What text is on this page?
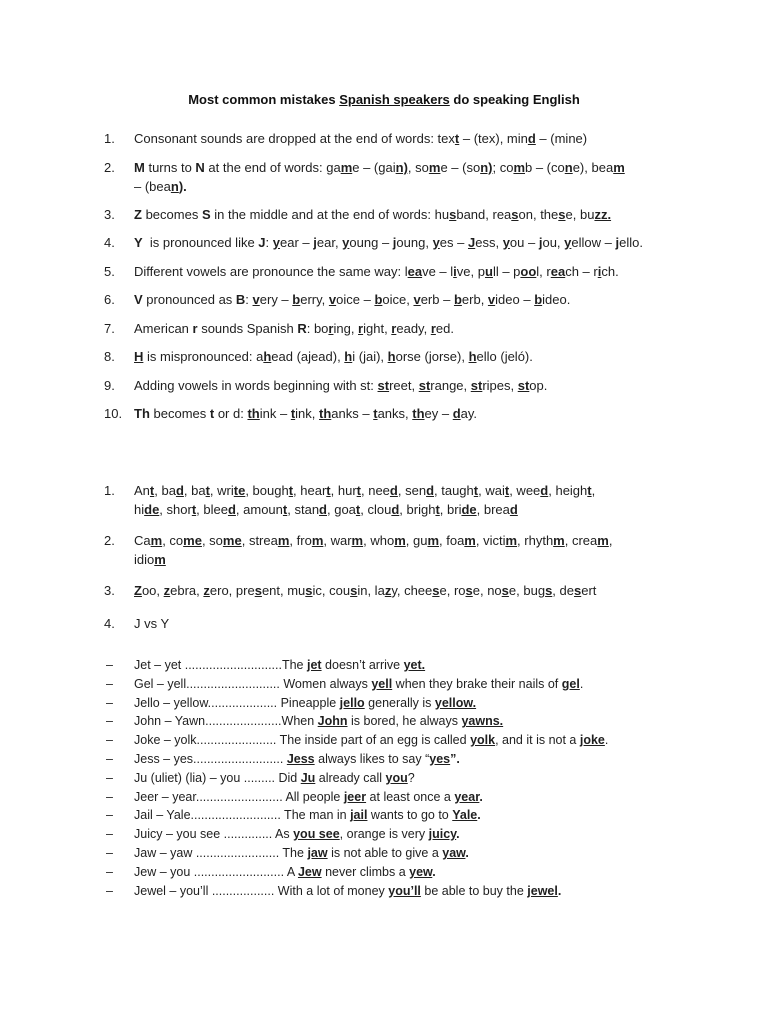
Most common mistakes Spanish speakers do speaking English
1. Consonant sounds are dropped at the end of words: text – (tex), mind – (mine)
2. M turns to N at the end of words: game – (gain), some – (son); comb – (cone), beam
– (bean).
3. Z becomes S in the middle and at the end of words: husband, reason, these, buzz.
4. Y  is pronounced like J: year – jear, young – joung, yes – Jess, you – jou, yellow – jello.
5. Different vowels are pronounce the same way: leave – live, pull – pool, reach – rich.
6. V pronounced as B: very – berry, voice – boice, verb – berb, video – bideo.
7. American r sounds Spanish R: boring, right, ready, red.
8. H is mispronounced: ahead (ajead), hi (jai), horse (jorse), hello (jeló).
9. Adding vowels in words beginning with st: street, strange, stripes, stop.
10. Th becomes t or d: think – tink, thanks – tanks, they – day.
1. Ant, bad, bat, write, bought, heart, hurt, need, send, taught, wait, weed, height,
hide, short, bleed, amount, stand, goat, cloud, bright, bride, bread
2. Cam, come, some, stream, from, warm, whom, gum, foam, victim, rhythm, cream,
idiom
3. Zoo, zebra, zero, present, music, cousin, lazy, cheese, rose, nose, bugs, desert
4. J vs Y
– Jet – yet ............................The jet doesn’t arrive yet.
– Gel – yell........................... Women always yell when they brake their nails of gel.
– Jello – yellow.................... Pineapple jello generally is yellow.
– John – Yawn......................When John is bored, he always yawns.
– Joke – yolk....................... The inside part of an egg is called yolk, and it is not a joke.
– Jess – yes.......................... Jess always likes to say “yes”.
– Ju (uliet) (lia) – you ......... Did Ju already call you?
– Jeer – year......................... All people jeer at least once a year.
– Jail – Yale.......................... The man in jail wants to go to Yale.
– Juicy – you see .............. As you see, orange is very juicy.
– Jaw – yaw ........................ The jaw is not able to give a yaw.
– Jew – you .......................... A Jew never climbs a yew.
– Jewel – you’ll .................. With a lot of money you’ll be able to buy the jewel.
